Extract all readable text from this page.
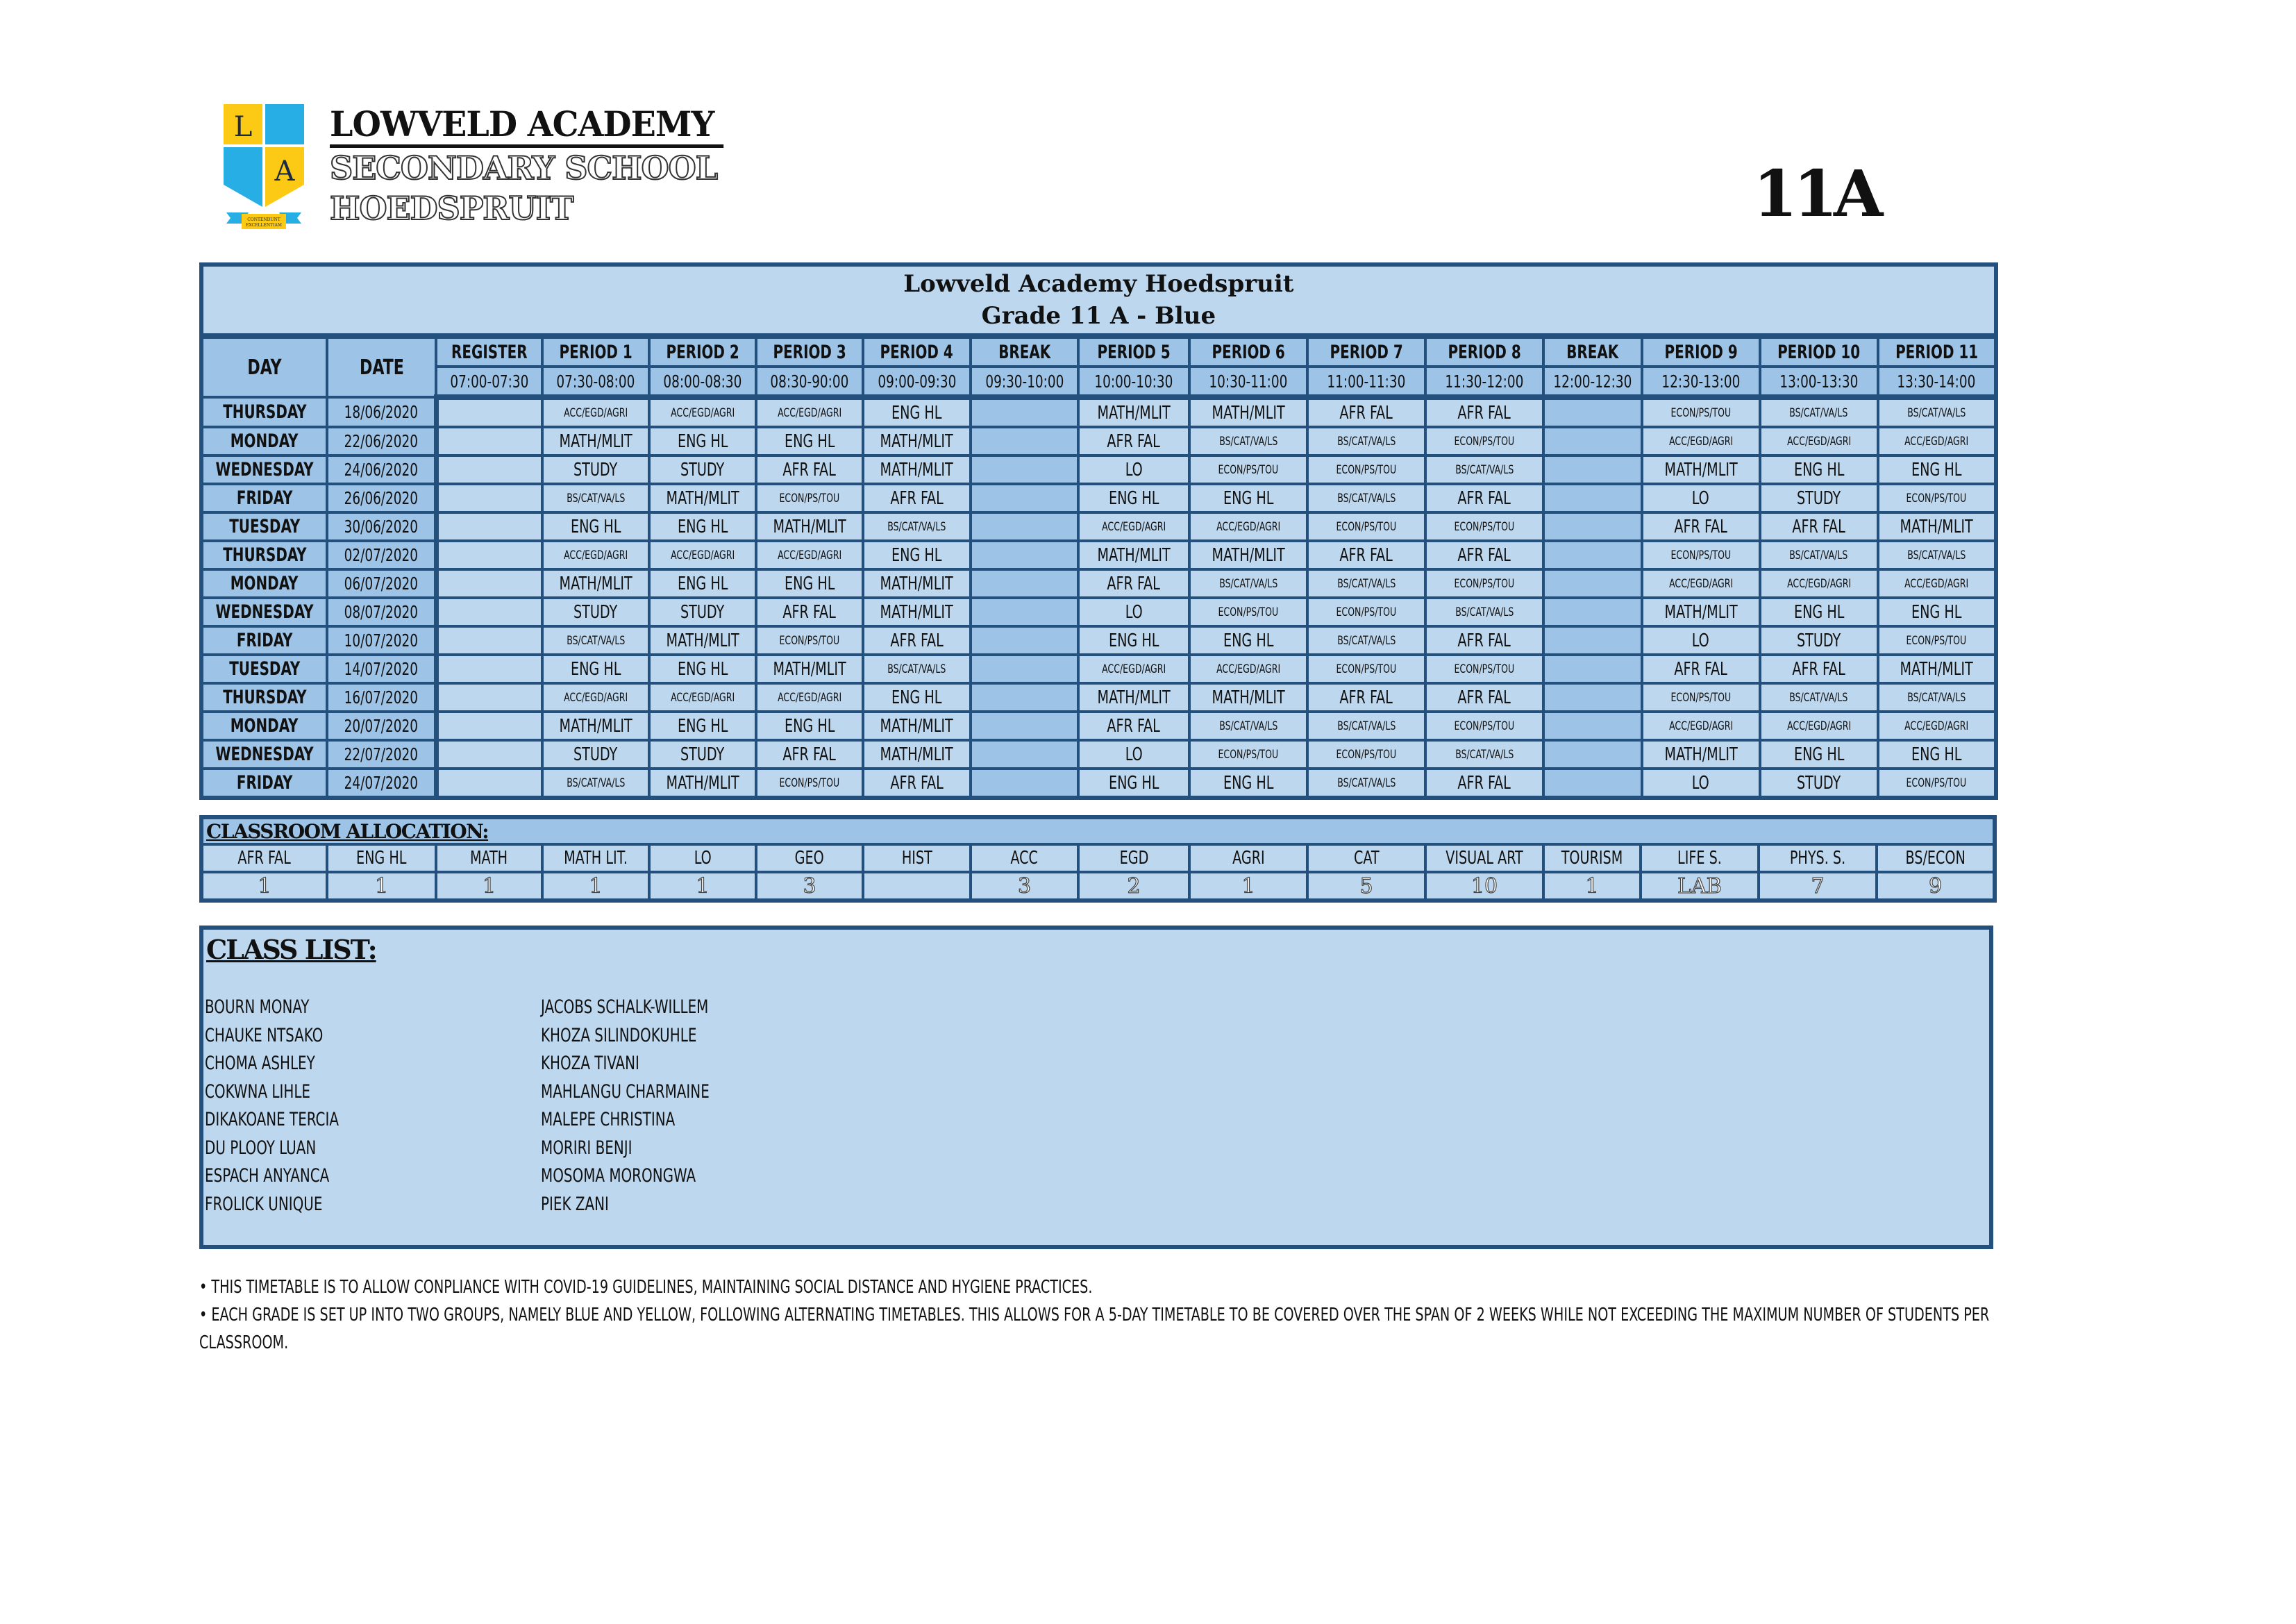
L
A
CONTENDUNT
EXCELLENTIAM
LOWVELD ACADEMY
SECONDARY SCHOOL
HOEDSPRUIT	11A
Lowveld Academy Hoedspruit
Grade 11 A - Blue															

DAY	DATE	REGISTER	PERIOD 1	PERIOD 2	PERIOD 3	PERIOD 4	BREAK	PERIOD 5	PERIOD 6	PERIOD 7	PERIOD 8	BREAK	PERIOD 9	PERIOD 10	PERIOD 11
		07:00-07:30	07:30-08:00	08:00-08:30	08:30-90:00	09:00-09:30	09:30-10:00	10:00-10:30	10:30-11:00	11:00-11:30	11:30-12:00	12:00-12:30	12:30-13:00	13:00-13:30	13:30-14:00
THURSDAY	18/06/2020		ACC/EGD/AGRI	ACC/EGD/AGRI	ACC/EGD/AGRI	ENG HL		MATH/MLIT	MATH/MLIT	AFR FAL	AFR FAL		ECON/PS/TOU	BS/CAT/VA/LS	BS/CAT/VA/LS
MONDAY	22/06/2020		MATH/MLIT	ENG HL	ENG HL	MATH/MLIT		AFR FAL	BS/CAT/VA/LS	BS/CAT/VA/LS	ECON/PS/TOU		ACC/EGD/AGRI	ACC/EGD/AGRI	ACC/EGD/AGRI
WEDNESDAY	24/06/2020		STUDY	STUDY	AFR FAL	MATH/MLIT		LO	ECON/PS/TOU	ECON/PS/TOU	BS/CAT/VA/LS		MATH/MLIT	ENG HL	ENG HL
FRIDAY	26/06/2020		BS/CAT/VA/LS	MATH/MLIT	ECON/PS/TOU	AFR FAL		ENG HL	ENG HL	BS/CAT/VA/LS	AFR FAL		LO	STUDY	ECON/PS/TOU
TUESDAY	30/06/2020		ENG HL	ENG HL	MATH/MLIT	BS/CAT/VA/LS		ACC/EGD/AGRI	ACC/EGD/AGRI	ECON/PS/TOU	ECON/PS/TOU		AFR FAL	AFR FAL	MATH/MLIT
THURSDAY	02/07/2020		ACC/EGD/AGRI	ACC/EGD/AGRI	ACC/EGD/AGRI	ENG HL		MATH/MLIT	MATH/MLIT	AFR FAL	AFR FAL		ECON/PS/TOU	BS/CAT/VA/LS	BS/CAT/VA/LS
MONDAY	06/07/2020		MATH/MLIT	ENG HL	ENG HL	MATH/MLIT		AFR FAL	BS/CAT/VA/LS	BS/CAT/VA/LS	ECON/PS/TOU		ACC/EGD/AGRI	ACC/EGD/AGRI	ACC/EGD/AGRI
WEDNESDAY	08/07/2020		STUDY	STUDY	AFR FAL	MATH/MLIT		LO	ECON/PS/TOU	ECON/PS/TOU	BS/CAT/VA/LS		MATH/MLIT	ENG HL	ENG HL
FRIDAY	10/07/2020		BS/CAT/VA/LS	MATH/MLIT	ECON/PS/TOU	AFR FAL		ENG HL	ENG HL	BS/CAT/VA/LS	AFR FAL		LO	STUDY	ECON/PS/TOU
TUESDAY	14/07/2020		ENG HL	ENG HL	MATH/MLIT	BS/CAT/VA/LS		ACC/EGD/AGRI	ACC/EGD/AGRI	ECON/PS/TOU	ECON/PS/TOU		AFR FAL	AFR FAL	MATH/MLIT
THURSDAY	16/07/2020		ACC/EGD/AGRI	ACC/EGD/AGRI	ACC/EGD/AGRI	ENG HL		MATH/MLIT	MATH/MLIT	AFR FAL	AFR FAL		ECON/PS/TOU	BS/CAT/VA/LS	BS/CAT/VA/LS
MONDAY	20/07/2020		MATH/MLIT	ENG HL	ENG HL	MATH/MLIT		AFR FAL	BS/CAT/VA/LS	BS/CAT/VA/LS	ECON/PS/TOU		ACC/EGD/AGRI	ACC/EGD/AGRI	ACC/EGD/AGRI
WEDNESDAY	22/07/2020		STUDY	STUDY	AFR FAL	MATH/MLIT		LO	ECON/PS/TOU	ECON/PS/TOU	BS/CAT/VA/LS		MATH/MLIT	ENG HL	ENG HL
FRIDAY	24/07/2020		BS/CAT/VA/LS	MATH/MLIT	ECON/PS/TOU	AFR FAL		ENG HL	ENG HL	BS/CAT/VA/LS	AFR FAL		LO	STUDY	ECON/PS/TOU
CLASSROOM ALLOCATION:															
AFR FAL	ENG HL	MATH	MATH LIT.	LO	GEO	HIST	ACC	EGD	AGRI	CAT	VISUAL ART	TOURISM	LIFE S.	PHYS. S.	BS/ECON
1	1	1	1	1	3		3	2	1	5	10	1	LAB	7	9
CLASS LIST:
BOURN MONAY
CHAUKE NTSAKO
CHOMA ASHLEY
COKWNA LIHLE
DIKAKOANE TERCIA
DU PLOOY LUAN
ESPACH ANYANCA
FROLICK UNIQUE
JACOBS SCHALK-WILLEM
KHOZA SILINDOKUHLE
KHOZA TIVANI
MAHLANGU CHARMAINE
MALEPE CHRISTINA
MORIRI BENJI
MOSOMA MORONGWA
PIEK ZANI

• THIS TIMETABLE IS TO ALLOW CONPLIANCE WITH COVID-19 GUIDELINES, MAINTAINING SOCIAL DISTANCE AND HYGIENE PRACTICES.

• EACH GRADE IS SET UP INTO TWO GROUPS, NAMELY BLUE AND YELLOW, FOLLOWING ALTERNATING TIMETABLES. THIS ALLOWS FOR A 5-DAY TIMETABLE TO BE COVERED OVER THE SPAN OF 2 WEEKS WHILE NOT EXCEEDING THE MAXIMUM NUMBER OF STUDENTS PER CLASSROOM.
